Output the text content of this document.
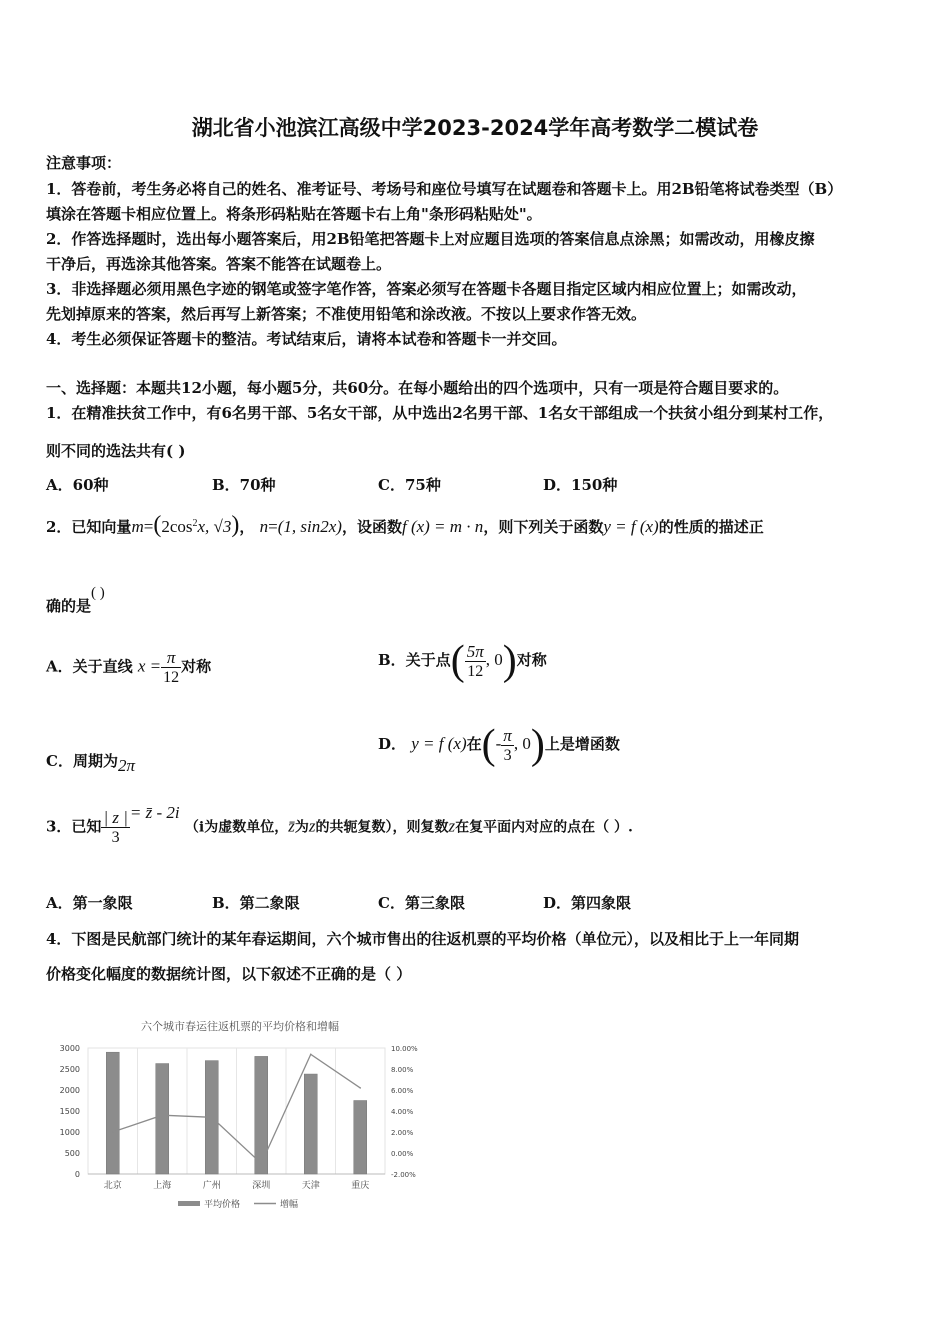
湖北省小池滨江高级中学2023-2024学年高考数学二模试卷
注意事项：
1．答卷前，考生务必将自己的姓名、准考证号、考场号和座位号填写在试题卷和答题卡上。用2B铅笔将试卷类型（B）
填涂在答题卡相应位置上。将条形码粘贴在答题卡右上角"条形码粘贴处"。
2．作答选择题时，选出每小题答案后，用2B铅笔把答题卡上对应题目选项的答案信息点涂黑；如需改动，用橡皮擦
干净后，再选涂其他答案。答案不能答在试题卷上。
3．非选择题必须用黑色字迹的钢笔或签字笔作答，答案必须写在答题卡各题目指定区域内相应位置上；如需改动，
先划掉原来的答案，然后再写上新答案；不准使用铅笔和涂改液。不按以上要求作答无效。
4．考生必须保证答题卡的整洁。考试结束后，请将本试卷和答题卡一并交回。
一、选择题：本题共12小题，每小题5分，共60分。在每小题给出的四个选项中，只有一项是符合题目要求的。
1．在精准扶贫工作中，有6名男干部、5名女干部，从中选出2名男干部、1名女干部组成一个扶贫小组分到某村工作，
则不同的选法共有( )
A．60种	B．70种	C．75种	D．150种
2．已知向量$m=(2\cos^2x$, √3)， n=(1, sin2x)，设函数f (x) = m · n，则下列关于函数y = f (x)的性质的描述正
确的是( )
A．关于直线 $x = \frac{\pi}{12}$ 对称	B．关于点( $\frac{5\pi}{12}$ , 0)对称
C．周期为2π
D． y = f (x)在(- $\frac{\pi}{3}$ , 0)上是增函数
3．已知 $\frac{| z |}{3}$ = z̄ - 2i （i为虚数单位，z̄为z的共轭复数），则复数z在复平面内对应的点在（ ）.
A．第一象限	B．第二象限	C．第三象限	D．第四象限
4．下图是民航部门统计的某年春运期间，六个城市售出的往返机票的平均价格（单位元），以及相比于上一年同期
价格变化幅度的数据统计图，以下叙述不正确的是（ ）
六个城市春运往返机票的平均价格和增幅
3000
2500
2000
1500
1000
500
0
10.00%
8.00%
6.00%
4.00%
2.00%
0.00%
-2.00%
北京	上海	广州	深圳	天津	重庆
平均价格	增幅
